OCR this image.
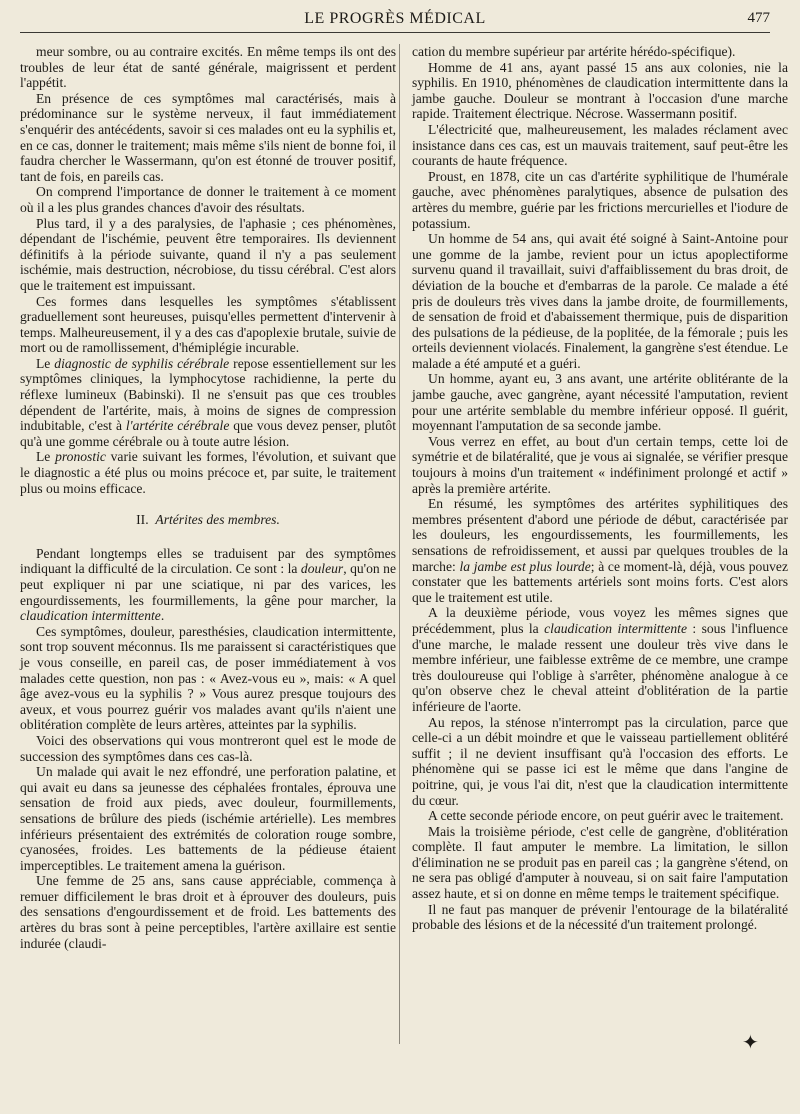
LE PROGRÈS MÉDICAL	477

meur sombre, ou au contraire excités. En même temps ils ont des troubles de leur état de santé générale, maigrissent et perdent l'appétit.

En présence de ces symptômes mal caractérisés, mais à prédominance sur le système nerveux, il faut immédiatement s'enquérir des antécédents, savoir si ces malades ont eu la syphilis et, en ce cas, donner le traitement; mais même s'ils nient de bonne foi, il faudra chercher le Wassermann, qu'on est étonné de trouver positif, tant de fois, en pareils cas.

On comprend l'importance de donner le traitement à ce moment où il a les plus grandes chances d'avoir des résultats.

Plus tard, il y a des paralysies, de l'aphasie ; ces phénomènes, dépendant de l'ischémie, peuvent être temporaires. Ils deviennent définitifs à la période suivante, quand il n'y a pas seulement ischémie, mais destruction, nécrobiose, du tissu cérébral. C'est alors que le traitement est impuissant.

Ces formes dans lesquelles les symptômes s'établissent graduellement sont heureuses, puisqu'elles permettent d'intervenir à temps. Malheureusement, il y a des cas d'apoplexie brutale, suivie de mort ou de ramollissement, d'hémiplégie incurable.

Le diagnostic de syphilis cérébrale repose essentiellement sur les symptômes cliniques, la lymphocytose rachidienne, la perte du réflexe lumineux (Babinski). Il ne s'ensuit pas que ces troubles dépendent de l'artérite, mais, à moins de signes de compression indubitable, c'est à l'artérite cérébrale que vous devez penser, plutôt qu'à une gomme cérébrale ou à toute autre lésion.

Le pronostic varie suivant les formes, l'évolution, et suivant que le diagnostic a été plus ou moins précoce et, par suite, le traitement plus ou moins efficace.

II. Artérites des membres.

Pendant longtemps elles se traduisent par des symptômes indiquant la difficulté de la circulation. Ce sont : la douleur, qu'on ne peut expliquer ni par une sciatique, ni par des varices, les engourdissements, les fourmillements, la gêne pour marcher, la claudication intermittente.

Ces symptômes, douleur, paresthésies, claudication intermittente, sont trop souvent méconnus. Ils me paraissent si caractéristiques que je vous conseille, en pareil cas, de poser immédiatement à vos malades cette question, non pas : « Avez-vous eu », mais: « A quel âge avez-vous eu la syphilis ? » Vous aurez presque toujours des aveux, et vous pourrez guérir vos malades avant qu'ils n'aient une oblitération complète de leurs artères, atteintes par la syphilis.

Voici des observations qui vous montreront quel est le mode de succession des symptômes dans ces cas-là.

Un malade qui avait le nez effondré, une perforation palatine, et qui avait eu dans sa jeunesse des céphalées frontales, éprouva une sensation de froid aux pieds, avec douleur, fourmillements, sensations de brûlure des pieds (ischémie artérielle). Les membres inférieurs présentaient des extrémités de coloration rouge sombre, cyanosées, froides. Les battements de la pédieuse étaient imperceptibles. Le traitement amena la guérison.

Une femme de 25 ans, sans cause appréciable, commença à remuer difficilement le bras droit et à éprouver des douleurs, puis des sensations d'engourdissement et de froid. Les battements des artères du bras sont à peine perceptibles, l'artère axillaire est sentie indurée (claudi-

cation du membre supérieur par artérite hérédo-spécifique).

Homme de 41 ans, ayant passé 15 ans aux colonies, nie la syphilis. En 1910, phénomènes de claudication intermittente dans la jambe gauche. Douleur se montrant à l'occasion d'une marche rapide. Traitement électrique. Nécrose. Wassermann positif.

L'électricité que, malheureusement, les malades réclament avec insistance dans ces cas, est un mauvais traitement, sauf peut-être les courants de haute fréquence.

Proust, en 1878, cite un cas d'artérite syphilitique de l'humérale gauche, avec phénomènes paralytiques, absence de pulsation des artères du membre, guérie par les frictions mercurielles et l'iodure de potassium.

Un homme de 54 ans, qui avait été soigné à Saint-Antoine pour une gomme de la jambe, revient pour un ictus apoplectiforme survenu quand il travaillait, suivi d'affaiblissement du bras droit, de déviation de la bouche et d'embarras de la parole. Ce malade a été pris de douleurs très vives dans la jambe droite, de fourmillements, de sensation de froid et d'abaissement thermique, puis de disparition des pulsations de la pédieuse, de la poplitée, de la fémorale ; puis les orteils deviennent violacés. Finalement, la gangrène s'est étendue. Le malade a été amputé et a guéri.

Un homme, ayant eu, 3 ans avant, une artérite oblitérante de la jambe gauche, avec gangrène, ayant nécessité l'amputation, revient pour une artérite semblable du membre inférieur opposé. Il guérit, moyennant l'amputation de sa seconde jambe.

Vous verrez en effet, au bout d'un certain temps, cette loi de symétrie et de bilatéralité, que je vous ai signalée, se vérifier presque toujours à moins d'un traitement « indéfiniment prolongé et actif » après la première artérite.

En résumé, les symptômes des artérites syphilitiques des membres présentent d'abord une période de début, caractérisée par les douleurs, les engourdissements, les fourmillements, les sensations de refroidissement, et aussi par quelques troubles de la marche: la jambe est plus lourde; à ce moment-là, déjà, vous pouvez constater que les battements artériels sont moins forts. C'est alors que le traitement est utile.

A la deuxième période, vous voyez les mêmes signes que précédemment, plus la claudication intermittente : sous l'influence d'une marche, le malade ressent une douleur très vive dans le membre inférieur, une faiblesse extrême de ce membre, une crampe très douloureuse qui l'oblige à s'arrêter, phénomène analogue à ce qu'on observe chez le cheval atteint d'oblitération de la partie inférieure de l'aorte.

Au repos, la sténose n'interrompt pas la circulation, parce que celle-ci a un débit moindre et que le vaisseau partiellement oblitéré suffit ; il ne devient insuffisant qu'à l'occasion des efforts. Le phénomène qui se passe ici est le même que dans l'angine de poitrine, qui, je vous l'ai dit, n'est que la claudication intermittente du cœur.

A cette seconde période encore, on peut guérir avec le traitement.

Mais la troisième période, c'est celle de gangrène, d'oblitération complète. Il faut amputer le membre. La limitation, le sillon d'élimination ne se produit pas en pareil cas ; la gangrène s'étend, on ne sera pas obligé d'amputer à nouveau, si on sait faire l'amputation assez haute, et si on donne en même temps le traitement spécifique.

Il ne faut pas manquer de prévenir l'entourage de la bilatéralité probable des lésions et de la nécessité d'un traitement prolongé.

✦
